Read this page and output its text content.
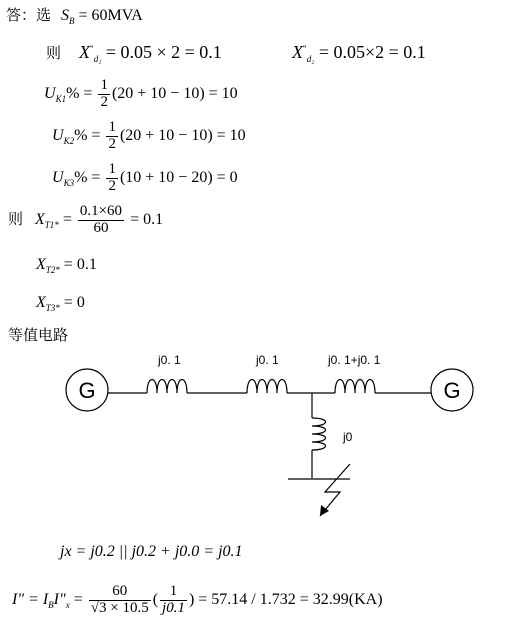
答：选 $S_B = 60MVA$
则 $X^"_{d_1} = 0.05 \times 2 = 0.1$	$X^"_{d_2} = 0.05\times 2 = 0.1$
$U_{K1}\% = \frac{1}{2} (20 + 10 - 10) = 10$
$U_{K2}\% = \frac{1}{2} (20 + 10 - 10) = 10$
$U_{K3}\% = \frac{1}{2} (10 + 10 - 20) = 0$
则 $X_{T1*} = \frac{0.1\times 60}{60} = 0.1$
$X_{T2*} = 0.1$
$X_{T3*} = 0$
等值电路
G	G
j0. 1	j0. 1	j0. 1+j0. 1
j0
jx = j0.2 || j0.2 + j0.0 = j0.1
I" = $I_BI"_x = \frac{60}{√3 \times 10.5}$ ( $\frac{1}{j0.1}$ ) = 57.14 / 1.732 = 32.99(KA)
